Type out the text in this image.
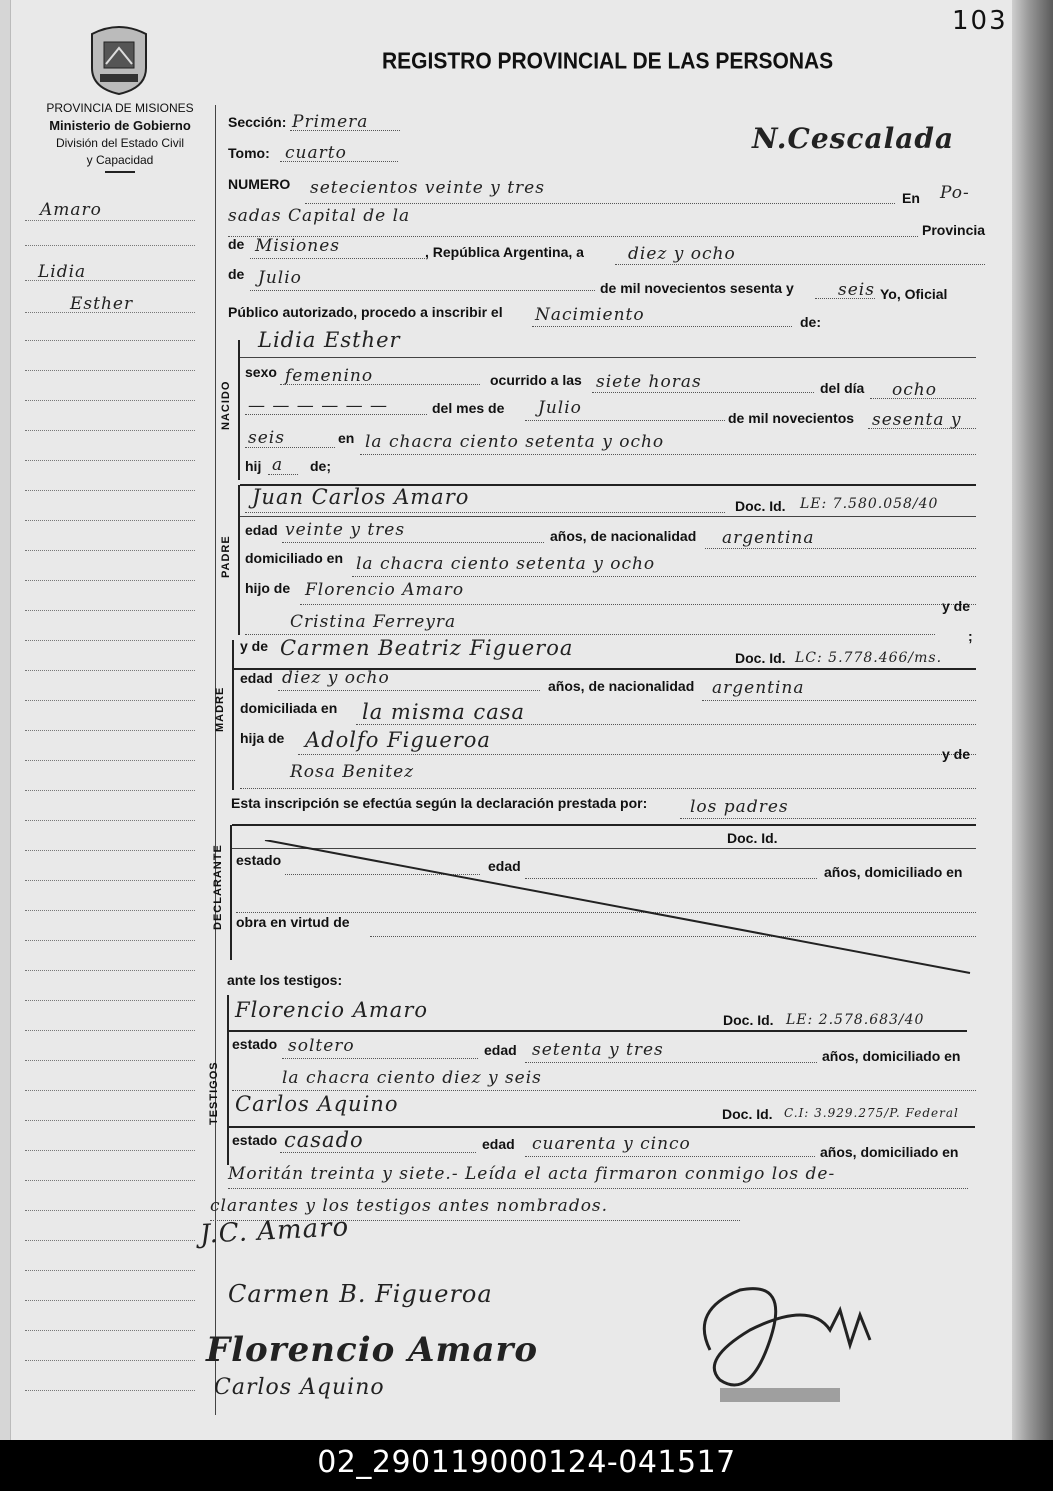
103
PROVINCIA DE MISIONES
Ministerio de Gobierno
División del Estado Civil
y Capacidad
REGISTRO PROVINCIAL DE LAS PERSONAS
N.Cescalada
Amaro
Lidia
Esther
Sección: Primera
Tomo: cuarto
NUMERO setecientos veinte y tres	En Po-
sadas Capital de la
Provincia
de Misiones	, República Argentina, a	diez y ocho
de Julio	de mil novecientos sesenta y	seis Yo, Oficial
Público autorizado, procedo a inscribir el Nacimiento	de:
NACIDO
Lidia Esther
sexo femenino	ocurrido a las siete horas	del día ocho
— — — — — —	del mes de Julio	de mil novecientos sesenta y
seis	en la chacra ciento setenta y ocho
hij a de;
PADRE
Juan Carlos Amaro	Doc. Id. LE: 7.580.058/40
edad veinte y tres	años, de nacionalidad argentina
domiciliado en la chacra ciento setenta y ocho
hijo de Florencio Amaro
Cristina Ferreyra
y de
;
MADRE
y de Carmen Beatriz Figueroa	Doc. Id. LC: 5.778.466/ms.
edad diez y ocho	años, de nacionalidad argentina
domiciliada en la misma casa
hija de Adolfo Figueroa
y de
Rosa Benitez
Esta inscripción se efectúa según la declaración prestada por:	los padres
DECLARANTE
Doc. Id.
estado	edad	años, domiciliado en
obra en virtud de
ante los testigos:
TESTIGOS
Florencio Amaro	Doc. Id. LE: 2.578.683/40
estado soltero	edad setenta y tres	años, domiciliado en
la chacra ciento diez y seis
Carlos Aquino	Doc. Id. C.I: 3.929.275/P. Federal
estado casado	edad cuarenta y cinco	años, domiciliado en
Moritán treinta y siete.- Leída el acta firmaron conmigo los de-
clarantes y los testigos antes nombrados.
J.C. Amaro
Carmen B. Figueroa
Florencio Amaro
Carlos Aquino
02_290119000124-041517
